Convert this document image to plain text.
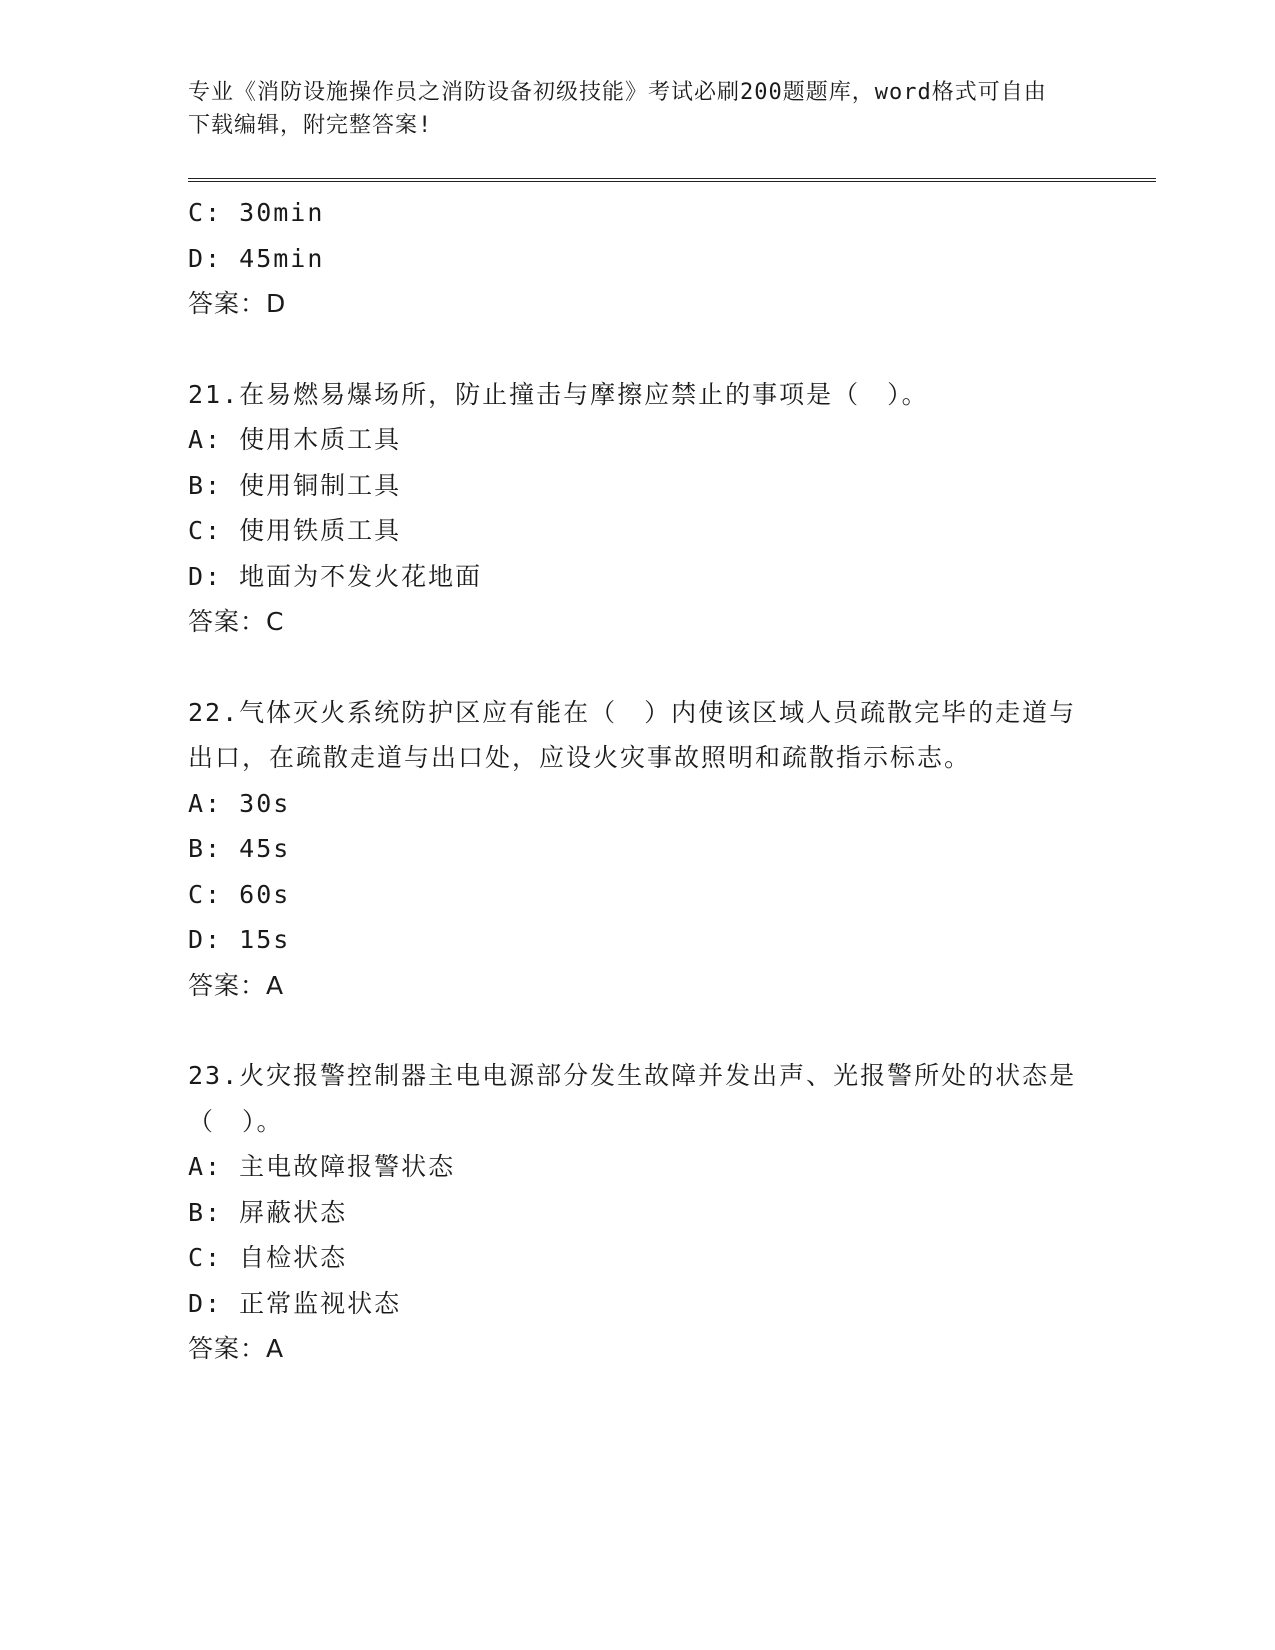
专业《消防设施操作员之消防设备初级技能》考试必刷200题题库，word格式可自由下载编辑，附完整答案!
C: 30min
D: 45min
答案：D
21.在易燃易爆场所，防止撞击与摩擦应禁止的事项是（　）。
A: 使用木质工具
B: 使用铜制工具
C: 使用铁质工具
D: 地面为不发火花地面
答案：C
22.气体灭火系统防护区应有能在（　）内使该区域人员疏散完毕的走道与出口，在疏散走道与出口处，应设火灾事故照明和疏散指示标志。
A: 30s
B: 45s
C: 60s
D: 15s
答案：A
23.火灾报警控制器主电电源部分发生故障并发出声、光报警所处的状态是（　）。
A: 主电故障报警状态
B: 屏蔽状态
C: 自检状态
D: 正常监视状态
答案：A
